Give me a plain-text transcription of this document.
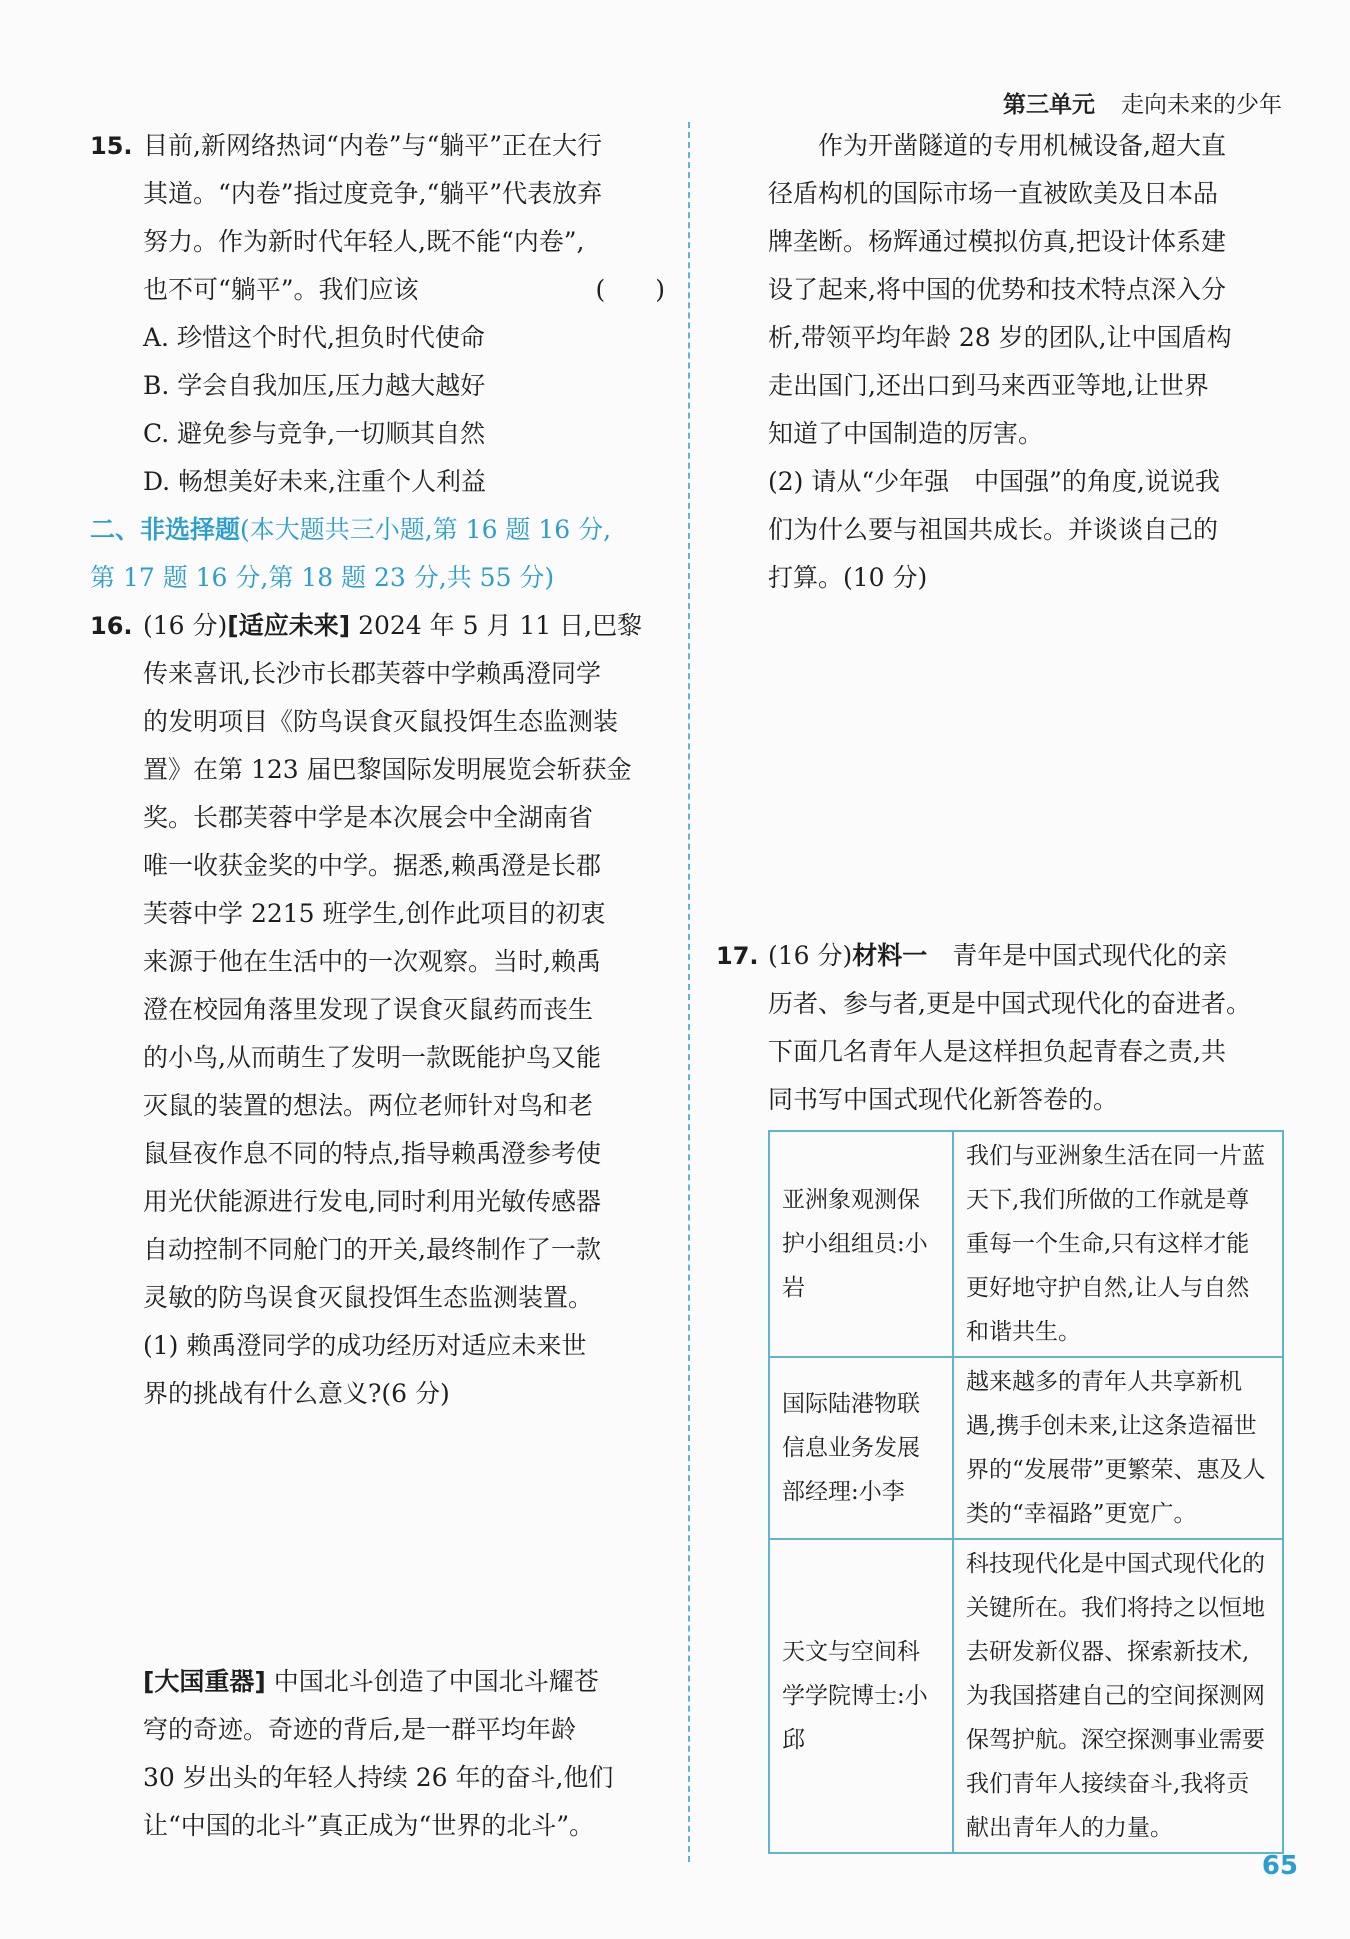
第三单元 走向未来的少年
15. 目前,新网络热词“内卷”与“躺平”正在大行
其道。“内卷”指过度竞争,“躺平”代表放弃
努力。作为新时代年轻人,既不能“内卷”,
也不可“躺平”。我们应该	(　　)
A. 珍惜这个时代,担负时代使命
B. 学会自我加压,压力越大越好
C. 避免参与竞争,一切顺其自然
D. 畅想美好未来,注重个人利益
二、非选择题(本大题共三小题,第 16 题 16 分,
第 17 题 16 分,第 18 题 23 分,共 55 分)
16. (16 分)[适应未来] 2024 年 5 月 11 日,巴黎
传来喜讯,长沙市长郡芙蓉中学赖禹澄同学
的发明项目《防鸟误食灭鼠投饵生态监测装
置》在第 123 届巴黎国际发明展览会斩获金
奖。长郡芙蓉中学是本次展会中全湖南省
唯一收获金奖的中学。据悉,赖禹澄是长郡
芙蓉中学 2215 班学生,创作此项目的初衷
来源于他在生活中的一次观察。当时,赖禹
澄在校园角落里发现了误食灭鼠药而丧生
的小鸟,从而萌生了发明一款既能护鸟又能
灭鼠的装置的想法。两位老师针对鸟和老
鼠昼夜作息不同的特点,指导赖禹澄参考使
用光伏能源进行发电,同时利用光敏传感器
自动控制不同舱门的开关,最终制作了一款
灵敏的防鸟误食灭鼠投饵生态监测装置。
(1) 赖禹澄同学的成功经历对适应未来世
界的挑战有什么意义?(6 分)
[大国重器] 中国北斗创造了中国北斗耀苍
穹的奇迹。奇迹的背后,是一群平均年龄
30 岁出头的年轻人持续 26 年的奋斗,他们
让“中国的北斗”真正成为“世界的北斗”。
作为开凿隧道的专用机械设备,超大直
径盾构机的国际市场一直被欧美及日本品
牌垄断。杨辉通过模拟仿真,把设计体系建
设了起来,将中国的优势和技术特点深入分
析,带领平均年龄 28 岁的团队,让中国盾构
走出国门,还出口到马来西亚等地,让世界
知道了中国制造的厉害。
(2) 请从“少年强　中国强”的角度,说说我
们为什么要与祖国共成长。并谈谈自己的
打算。(10 分)
17. (16 分)材料一　青年是中国式现代化的亲
历者、参与者,更是中国式现代化的奋进者。
下面几名青年人是这样担负起青春之责,共
同书写中国式现代化新答卷的。
亚洲象观测保护小组组员:小岩	我们与亚洲象生活在同一片蓝天下,我们所做的工作就是尊重每一个生命,只有这样才能更好地守护自然,让人与自然和谐共生。
国际陆港物联信息业务发展部经理:小李	越来越多的青年人共享新机遇,携手创未来,让这条造福世界的“发展带”更繁荣、惠及人类的“幸福路”更宽广。
天文与空间科学学院博士:小邱	科技现代化是中国式现代化的关键所在。我们将持之以恒地去研发新仪器、探索新技术,为我国搭建自己的空间探测网保驾护航。深空探测事业需要我们青年人接续奋斗,我将贡献出青年人的力量。
65
